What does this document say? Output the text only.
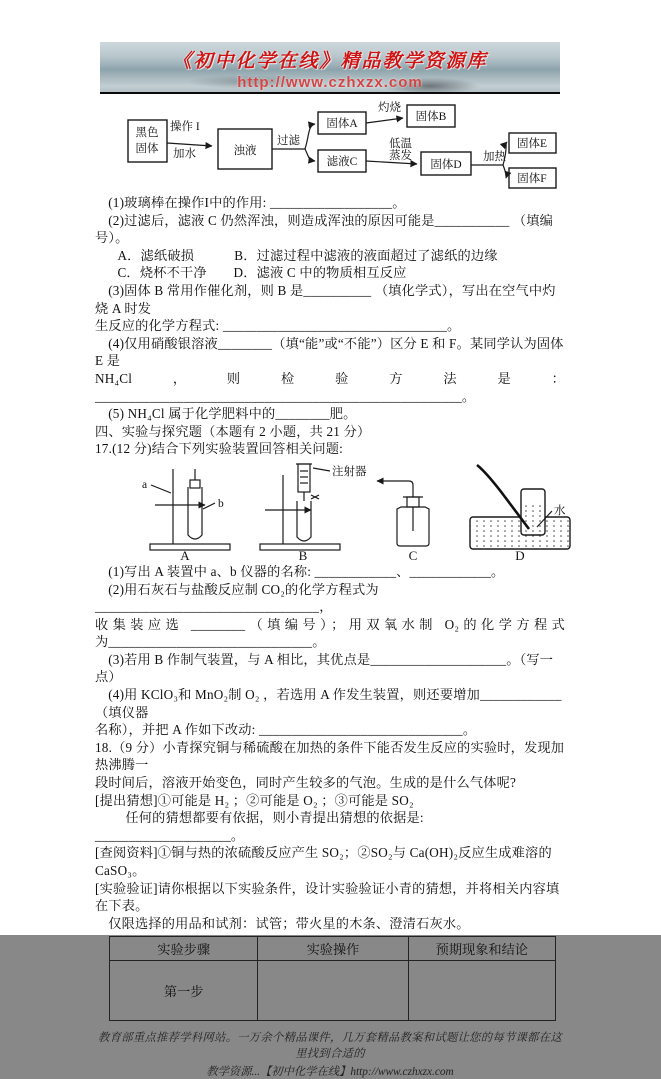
《初中化学在线》精品教学资源库
http://www.czhxzx.com
黑色
固体
操作 I
加水	浊液
过滤
固体A
滤液C
灼烧
固体B
低温
蒸发
固体D
加热
固体E
固体F
(1)玻璃棒在操作I中的作用: __________________。
(2)过滤后，滤液 C 仍然浑浊，则造成浑浊的原因可能是___________ （填编号）。
A．滤纸破损　　　B．过滤过程中滤液的液面超过了滤纸的边缘
C．烧杯不干净　　D．滤液 C 中的物质相互反应
(3)固体 B 常用作催化剂，则 B 是__________ （填化学式），写出在空气中灼烧 A 时发
生反应的化学方程式: _________________________________。
(4)仅用硝酸银溶液________（填“能”或“不能”）区分 E 和 F。某同学认为固体 E 是
NH₄Cl，则检验方法是：
______________________________________________________。
(5) NH₄Cl 属于化学肥料中的________肥。
四、实验与探究题（本题有 2 小题，共 21 分）
17.(12 分)结合下列实验装置回答相关问题:
a
b
A
注射器
B	C
水
D
(1)写出 A 装置中 a、b 仪器的名称: ____________、____________。
(2)用石灰石与盐酸反应制 CO₂的化学方程式为 _________________________________，
收集装应选 ________（填编号）；用双氧水制 O₂的化学方程式
为______________________________。
(3)若用 B 作制气装置，与 A 相比，其优点是____________________。（写一点）
(4)用 KClO₃和 MnO₂制 O₂ ，若选用 A 作发生装置，则还要增加____________（填仪器
名称），并把 A 作如下改动: ______________________________。
18.（9 分）小青探究铜与稀硫酸在加热的条件下能否发生反应的实验时，发现加热沸腾一
段时间后，溶液开始变色，同时产生较多的气泡。生成的是什么气体呢?
[提出猜想]①可能是 H₂ ；②可能是 O₂ ；③可能是 SO₂
任何的猜想都要有依据，则小青提出猜想的依据是: ____________________。
[查阅资料]①铜与热的浓硫酸反应产生 SO₂；②SO₂与 Ca(OH)₂反应生成难溶的 CaSO₃。
[实验验证]请你根据以下实验条件，设计实验验证小青的猜想，并将相关内容填在下表。
仅限选择的用品和试剂：试管；带火星的木条、澄清石灰水。
实验步骤	实验操作	预期现象和结论
第一步		
教育部重点推荐学科网站。一万余个精品课件，几万套精品教案和试题让您的每节课都在这里找到合适的
教学资源...【初中化学在线】http://www.czhxzx.com
